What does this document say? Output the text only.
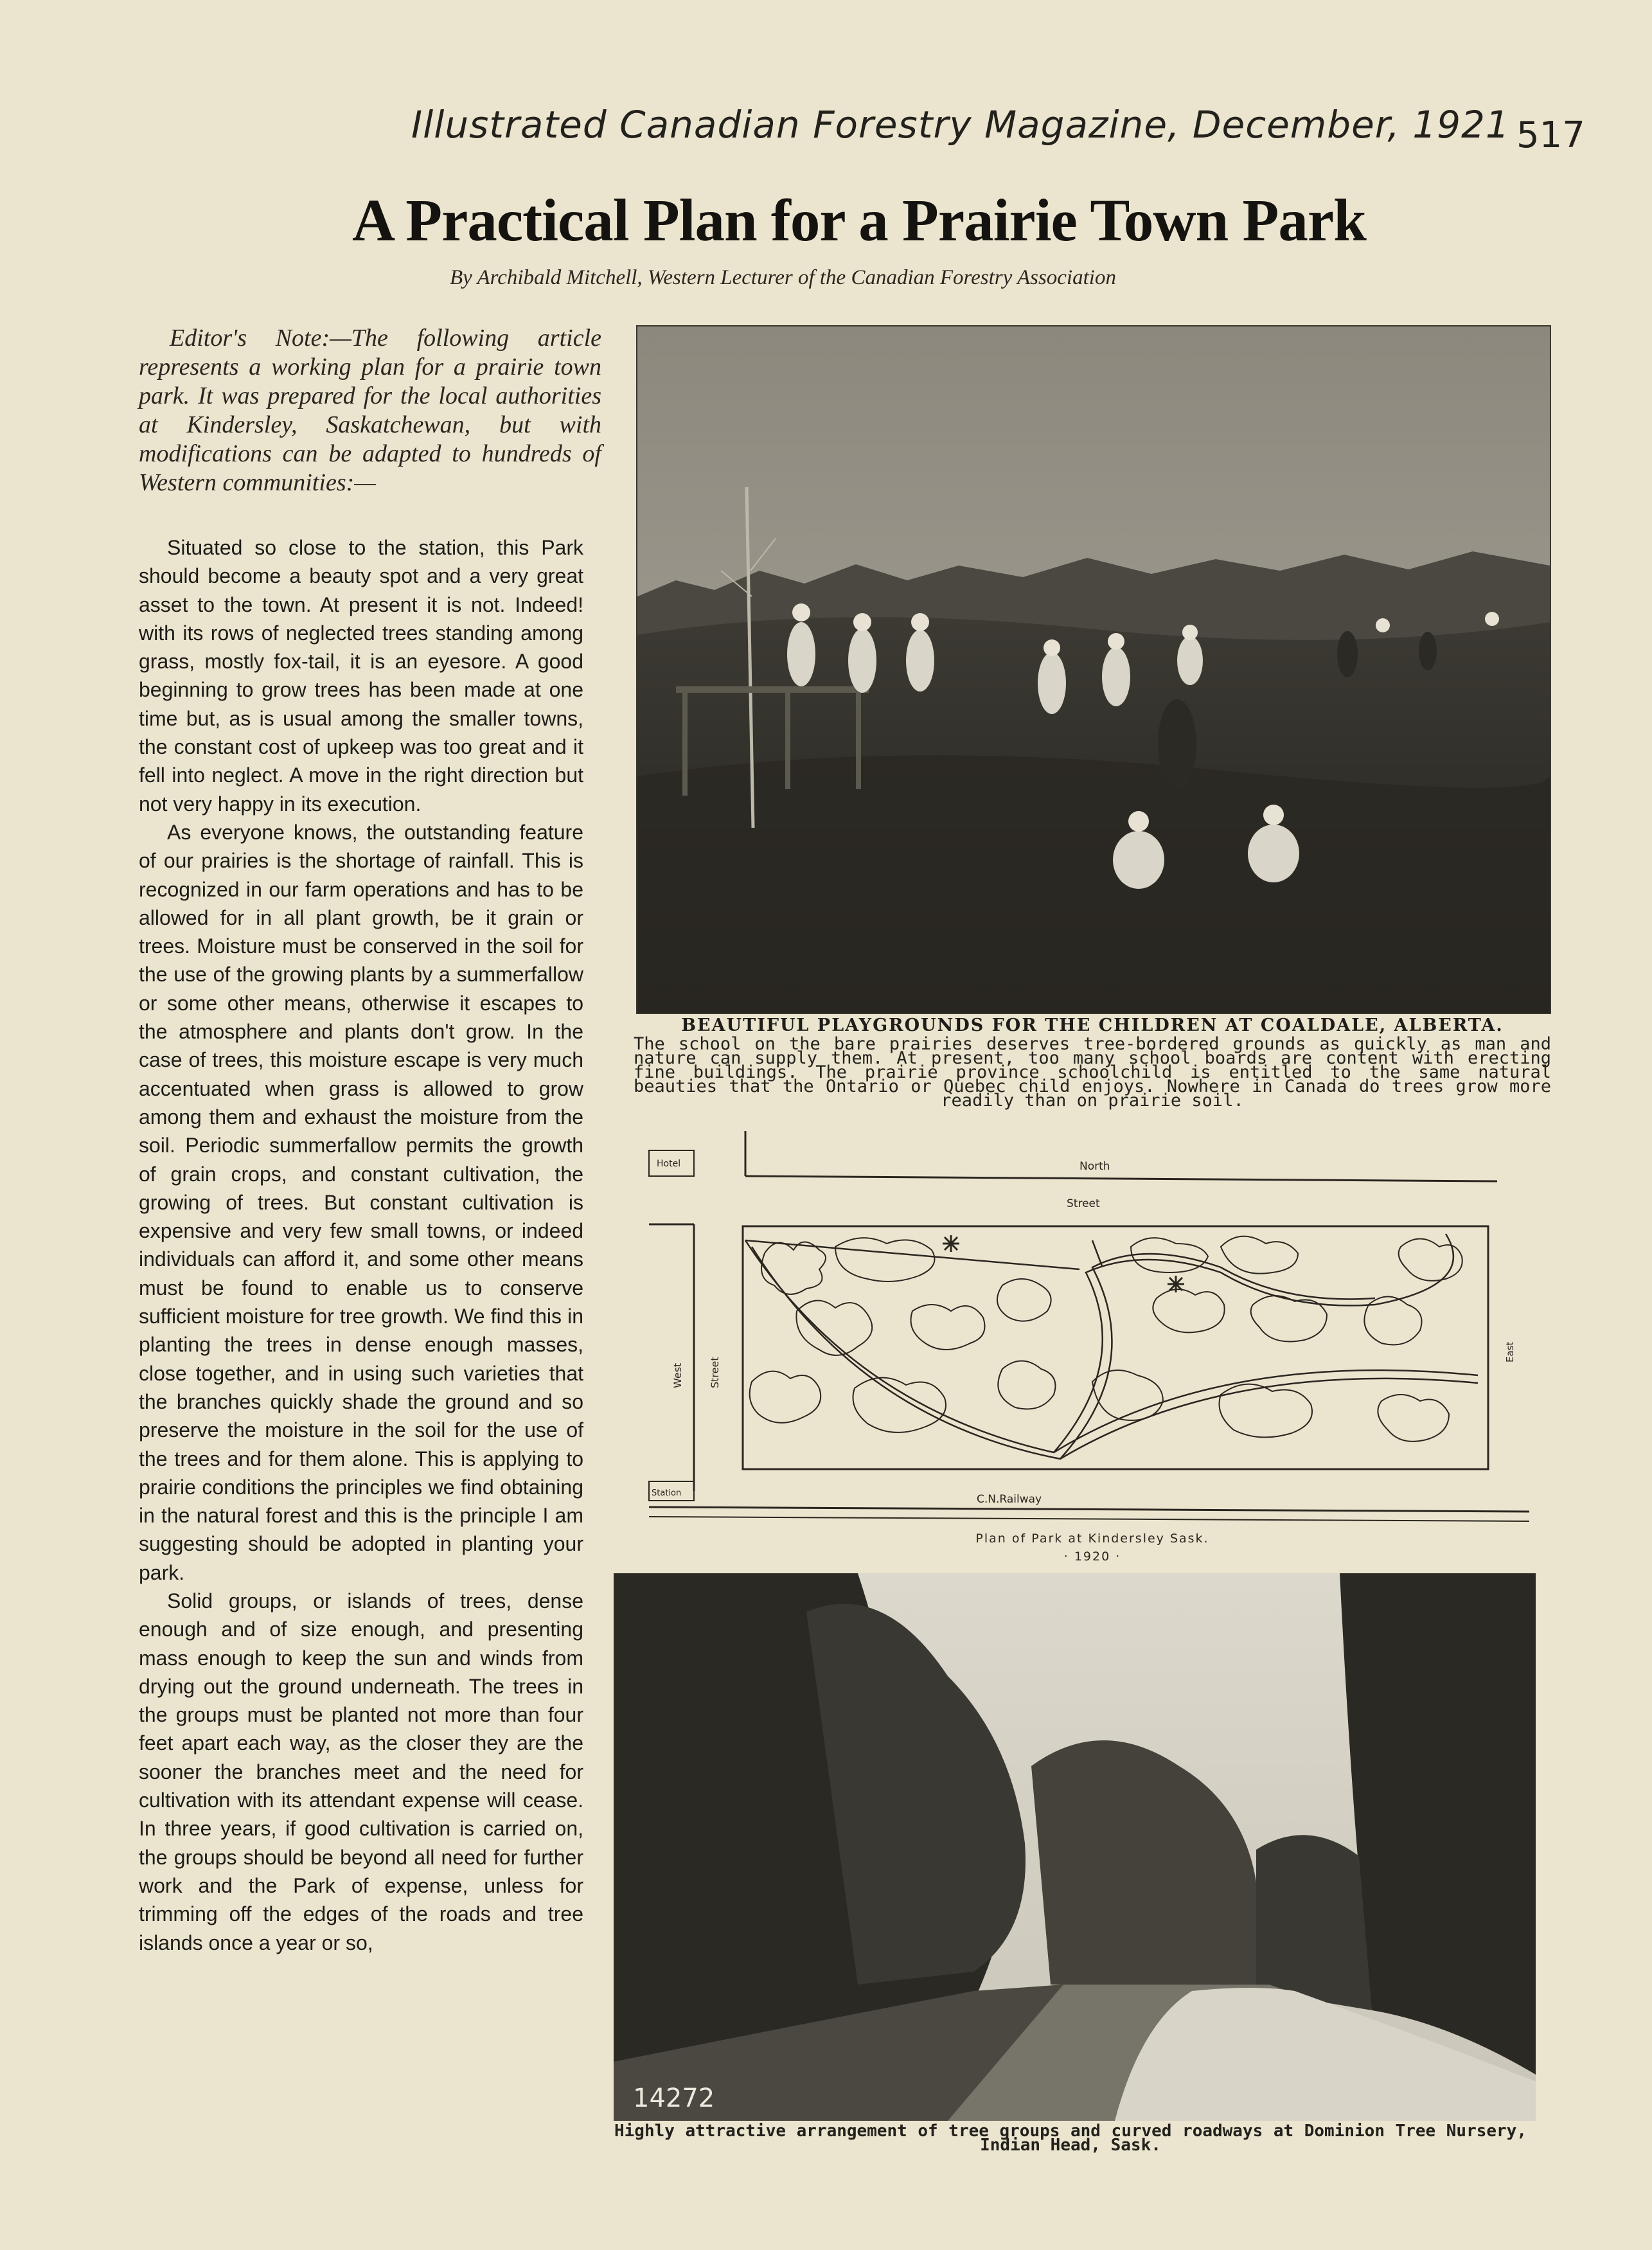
Illustrated Canadian Forestry Magazine, December, 1921 517
A Practical Plan for a Prairie Town Park
By Archibald Mitchell, Western Lecturer of the Canadian Forestry Association
Editor's Note:—The following article represents a working plan for a prairie town park. It was prepared for the local authorities at Kindersley, Saskatchewan, but with modifications can be adapted to hundreds of Western communities:—

Situated so close to the station, this Park should become a beauty spot and a very great asset to the town. At present it is not. Indeed! with its rows of neglected trees standing among grass, mostly fox-tail, it is an eyesore. A good beginning to grow trees has been made at one time but, as is usual among the smaller towns, the constant cost of upkeep was too great and it fell into neglect. A move in the right direction but not very happy in its execution.

As everyone knows, the outstanding feature of our prairies is the shortage of rainfall. This is recognized in our farm operations and has to be allowed for in all plant growth, be it grain or trees. Moisture must be conserved in the soil for the use of the growing plants by a summerfallow or some other means, otherwise it escapes to the atmosphere and plants don't grow. In the case of trees, this moisture escape is very much accentuated when grass is allowed to grow among them and exhaust the moisture from the soil. Periodic summerfallow permits the growth of grain crops, and constant cultivation, the growing of trees. But constant cultivation is expensive and very few small towns, or indeed individuals can afford it, and some other means must be found to enable us to conserve sufficient moisture for tree growth. We find this in planting the trees in dense enough masses, close together, and in using such varieties that the branches quickly shade the ground and so preserve the moisture in the soil for the use of the trees and for them alone. This is applying to prairie conditions the principles we find obtaining in the natural forest and this is the principle I am suggesting should be adopted in planting your park.

Solid groups, or islands of trees, dense enough and of size enough, and presenting mass enough to keep the sun and winds from drying out the ground underneath. The trees in the groups must be planted not more than four feet apart each way, as the closer they are the sooner the branches meet and the need for cultivation with its attendant expense will cease. In three years, if good cultivation is carried on, the groups should be beyond all need for further work and the Park of expense, unless for trimming off the edges of the roads and tree islands once a year or so,

BEAUTIFUL PLAYGROUNDS FOR THE CHILDREN AT COALDALE, ALBERTA.
The school on the bare prairies deserves tree-bordered grounds as quickly as man and nature can supply them. At present, too many school boards are content with erecting fine buildings. The prairie province schoolchild is entitled to the same natural beauties that the Ontario or Quebec child enjoys. Nowhere in Canada do trees grow more readily than on prairie soil.
Hotel	North
Street
West Street
East
Station	C.N.Railway
Plan of Park at Kindersley Sask.
· 1920 ·
14272
Highly attractive arrangement of tree groups and curved roadways at Dominion Tree Nursery, Indian Head, Sask.
